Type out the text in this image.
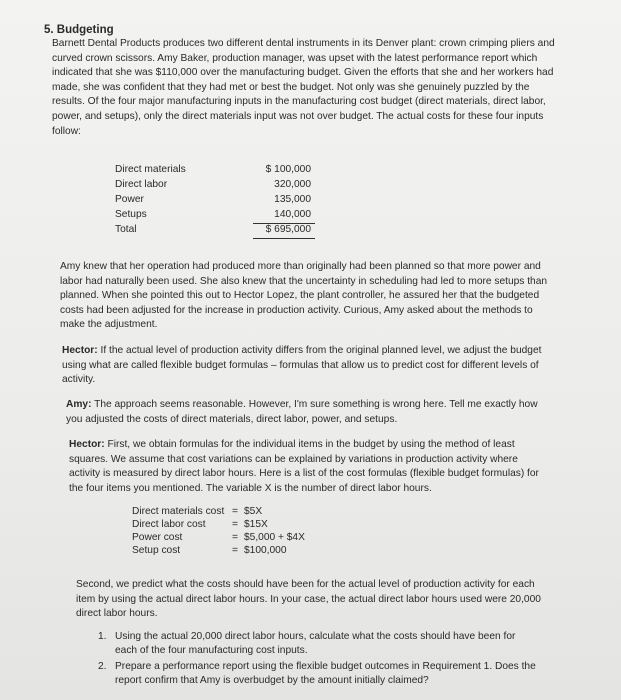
5. Budgeting

Barnett Dental Products produces two different dental instruments in its Denver plant: crown crimping pliers and curved crown scissors. Amy Baker, production manager, was upset with the latest performance report which indicated that she was $110,000 over the manufacturing budget. Given the efforts that she and her workers had made, she was confident that they had met or best the budget. Not only was she genuinely puzzled by the results. Of the four major manufacturing inputs in the manufacturing cost budget (direct materials, direct labor, power, and setups), only the direct materials input was not over budget. The actual costs for these four inputs follow:

Direct materials	$ 100,000
Direct labor	320,000
Power	135,000
Setups	140,000
Total	$ 695,000

Amy knew that her operation had produced more than originally had been planned so that more power and labor had naturally been used. She also knew that the uncertainty in scheduling had led to more setups than planned. When she pointed this out to Hector Lopez, the plant controller, he assured her that the budgeted costs had been adjusted for the increase in production activity. Curious, Amy asked about the methods to make the adjustment.

Hector: If the actual level of production activity differs from the original planned level, we adjust the budget using what are called flexible budget formulas – formulas that allow us to predict cost for different levels of activity.

Amy: The approach seems reasonable. However, I'm sure something is wrong here. Tell me exactly how you adjusted the costs of direct materials, direct labor, power, and setups.

Hector: First, we obtain formulas for the individual items in the budget by using the method of least squares. We assume that cost variations can be explained by variations in production activity where activity is measured by direct labor hours. Here is a list of the cost formulas (flexible budget formulas) for the four items you mentioned. The variable X is the number of direct labor hours.

Direct materials cost = $5X
Direct labor cost	= $15X
Power cost	= $5,000 + $4X
Setup cost	= $100,000

Second, we predict what the costs should have been for the actual level of production activity for each item by using the actual direct labor hours. In your case, the actual direct labor hours used were 20,000 direct labor hours.

1. Using the actual 20,000 direct labor hours, calculate what the costs should have been for each of the four manufacturing cost inputs.
2. Prepare a performance report using the flexible budget outcomes in Requirement 1. Does the report confirm that Amy is overbudget by the amount initially claimed?
